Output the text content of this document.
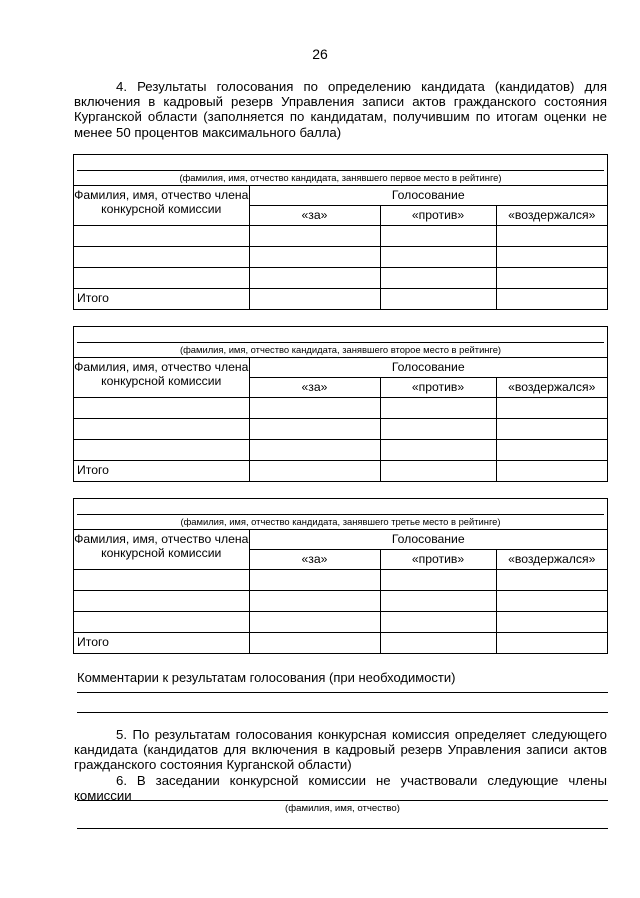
26
4. Результаты голосования по определению кандидата (кандидатов) для включения в кадровый резерв Управления записи актов гражданского состояния Курганской области (заполняется по кандидатам, получившим по итогам оценки не менее 50 процентов максимального балла)
(фамилия, имя, отчество кандидата, занявшего первое место в рейтинге)
Фамилия, имя, отчество члена конкурсной комиссии	Голосование		
	«за»	«против»	«воздержался»

Итого			
(фамилия, имя, отчество кандидата, занявшего второе место в рейтинге)
Фамилия, имя, отчество члена конкурсной комиссии	Голосование		
	«за»	«против»	«воздержался»

Итого			
(фамилия, имя, отчество кандидата, занявшего третье место в рейтинге)
Фамилия, имя, отчество члена конкурсной комиссии	Голосование		
	«за»	«против»	«воздержался»

Итого			
Комментарии к результатам голосования (при необходимости)
5. По результатам голосования конкурсная комиссия определяет следующего кандидата (кандидатов для включения в кадровый резерв Управления записи актов гражданского состояния Курганской области)
6. В заседании конкурсной комиссии не участвовали следующие члены комиссии
(фамилия, имя, отчество)
